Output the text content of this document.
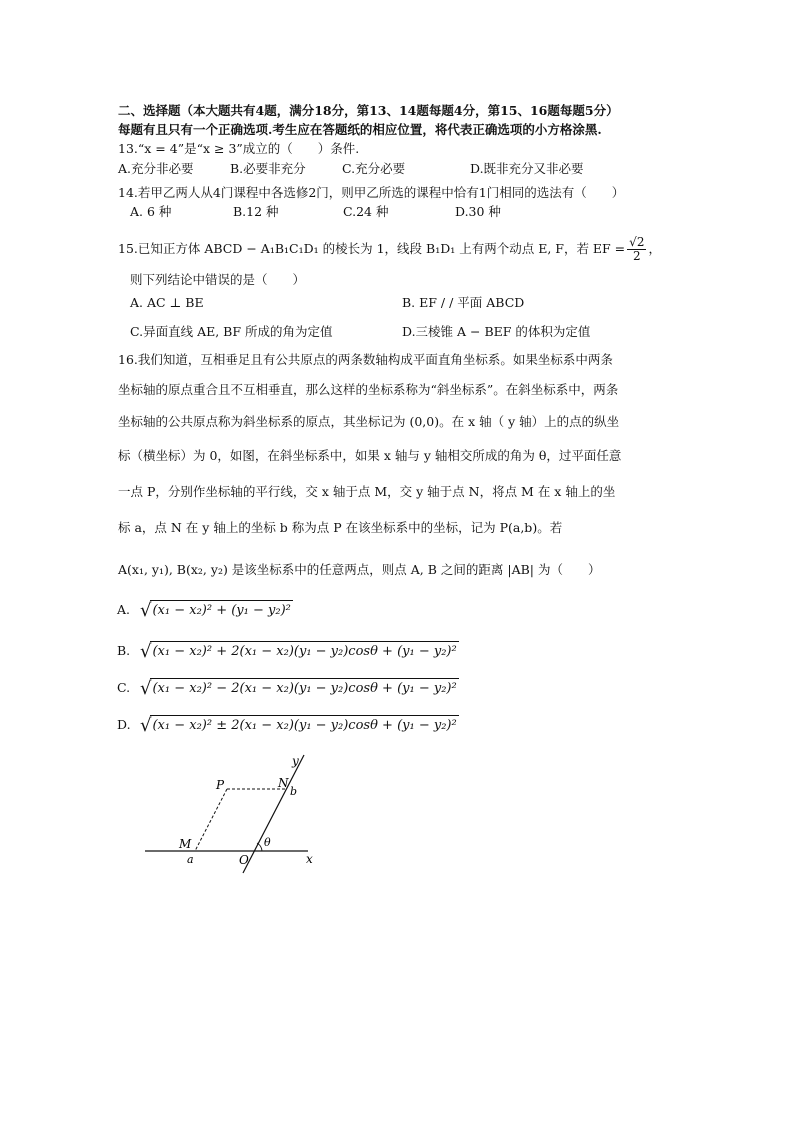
二、选择题（本大题共有4题，满分18分，第13、14题每题4分，第15、16题每题5分）
每题有且只有一个正确选项.考生应在答题纸的相应位置，将代表正确选项的小方格涂黑.
13.“x = 4”是“x ≥ 3”成立的（　　）条件.
A.充分非必要	B.必要非充分	C.充分必要	D.既非充分又非必要
14.若甲乙两人从4门课程中各选修2门，则甲乙所选的课程中恰有1门相同的选法有（　　）
A. 6 种	B.12 种	C.24 种	D.30 种
15.已知正方体 ABCD − A₁B₁C₁D₁ 的棱长为 1，线段 B₁D₁ 上有两个动点 E, F，若 EF = $\frac{√2}{2}$ ，
则下列结论中错误的是（　　）
A. AC ⊥ BE	B. EF / / 平面 ABCD
C.异面直线 AE, BF 所成的角为定值	D.三棱锥 A − BEF 的体积为定值
16.我们知道，互相垂足且有公共原点的两条数轴构成平面直角坐标系。如果坐标系中两条
坐标轴的原点重合且不互相垂直，那么这样的坐标系称为“斜坐标系”。在斜坐标系中，两条
坐标轴的公共原点称为斜坐标系的原点，其坐标记为 (0,0)。在 x 轴（ y 轴）上的点的纵坐
标（横坐标）为 0，如图，在斜坐标系中，如果 x 轴与 y 轴相交所成的角为 θ，过平面任意
一点 P，分别作坐标轴的平行线，交 x 轴于点 M，交 y 轴于点 N，将点 M 在 x 轴上的坐
标 a，点 N 在 y 轴上的坐标 b 称为点 P 在该坐标系中的坐标，记为 P(a,b)。若
A(x₁, y₁), B(x₂, y₂) 是该坐标系中的任意两点，则点 A, B 之间的距离 |AB| 为（　　）
A. √(x₁ − x₂)² + (y₁ − y₂)²
B. √(x₁ − x₂)² + 2(x₁ − x₂)(y₁ − y₂)cosθ + (y₁ − y₂)²
C. √(x₁ − x₂)² − 2(x₁ − x₂)(y₁ − y₂)cosθ + (y₁ − y₂)²
D. √(x₁ − x₂)² ± 2(x₁ − x₂)(y₁ − y₂)cosθ + (y₁ − y₂)²
y
P	N
b
θ
M
a	O	x
